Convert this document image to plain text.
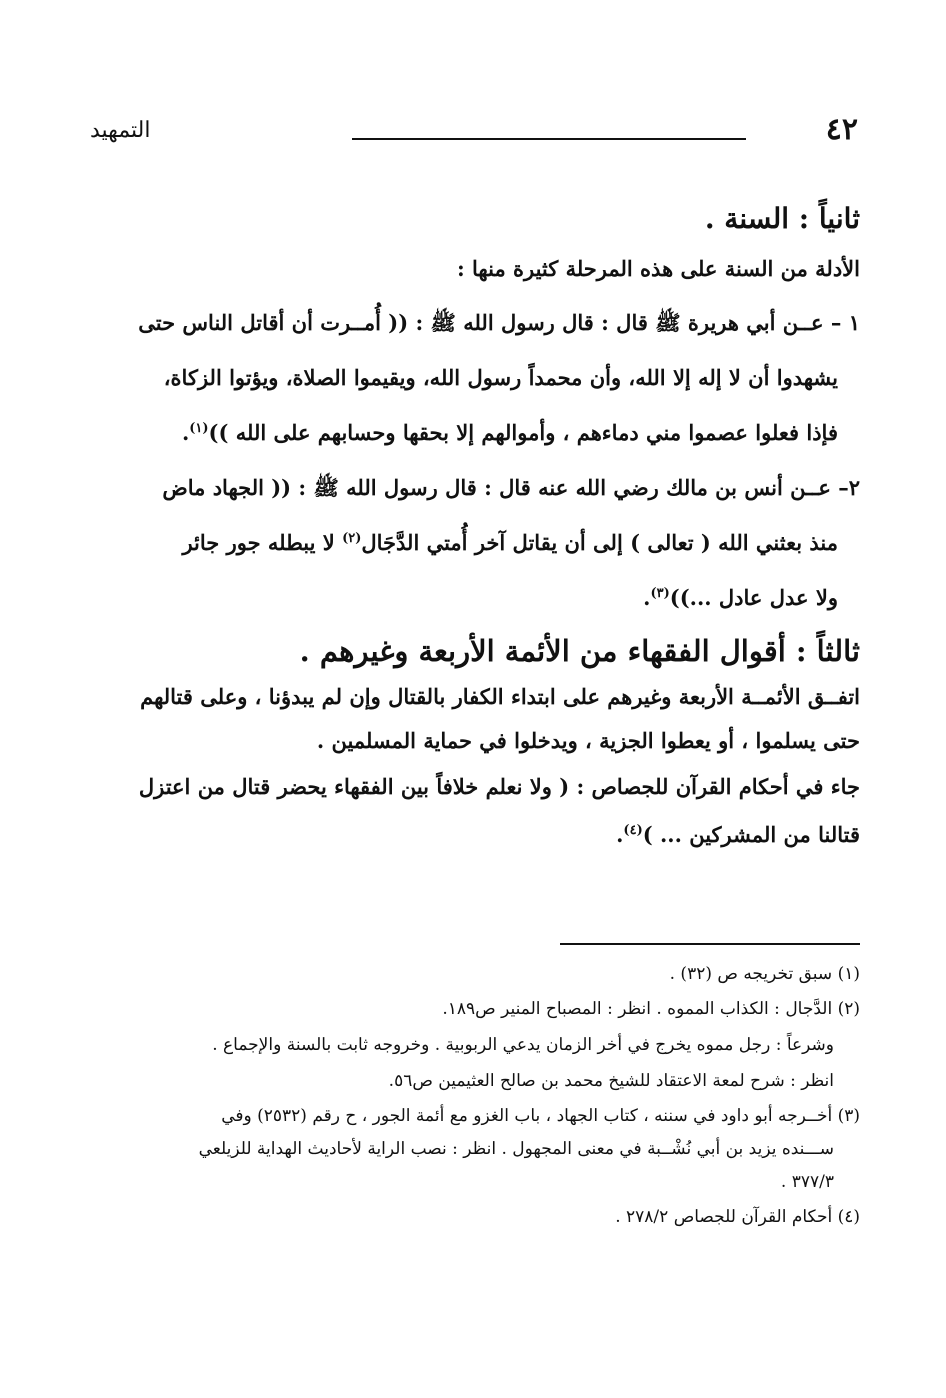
٤٢
التمهيد
ثانياً : السنة .
الأدلة من السنة على هذه المرحلة كثيرة منها :
١ – عــن أبي هريرة ﷺ قال : قال رسول الله ﷺ : (( أُمــرت أن أقاتل الناس حتى
يشهدوا أن لا إله إلا الله، وأن محمداً رسول الله، ويقيموا الصلاة، ويؤتوا الزكاة،
فإذا فعلوا عصموا مني دماءهم ، وأموالهم إلا بحقها وحسابهم على الله ))$^{(١)}$.
٢– عــن أنس بن مالك رضي الله عنه قال : قال رسول الله ﷺ : (( الجهاد ماض
منذ بعثني الله ( تعالى ) إلى أن يقاتل آخر أُمتي الدَّجَال$^{(٢)}$ لا يبطله جور جائر
ولا عدل عادل ...))$^{(٣)}$.
ثالثاً : أقوال الفقهاء من الأئمة الأربعة وغيرهم .
اتفــق الأئمــة الأربعة وغيرهم على ابتداء الكفار بالقتال وإن لم يبدؤنا ، وعلى قتالهم
حتى يسلموا ، أو يعطوا الجزية ، ويدخلوا في حماية المسلمين .
جاء في أحكام القرآن للجصاص : ( ولا نعلم خلافاً بين الفقهاء يحضر قتال من اعتزل
قتالنا من المشركين ... )$^{(٤)}$.
(١) سبق تخريجه ص (٣٢) .
(٢) الدَّجال : الكذاب المموه . انظر : المصباح المنير ص١٨٩.
وشرعاً : رجل مموه يخرج في أخر الزمان يدعي الربوبية . وخروجه ثابت بالسنة والإجماع .
انظر : شرح لمعة الاعتقاد للشيخ محمد بن صالح العثيمين ص٥٦.
(٣) أخــرجه أبو داود في سننه ، كتاب الجهاد ، باب الغزو مع أئمة الجور ، ح رقم (٢٥٣٢) وفي
ســـنده يزيد بن أبي نُشْــبة في معنى المجهول . انظر : نصب الراية لأحاديث الهداية للزيلعي
٣٧٧/٣ .
(٤) أحكام القرآن للجصاص ٢٧٨/٢ .
